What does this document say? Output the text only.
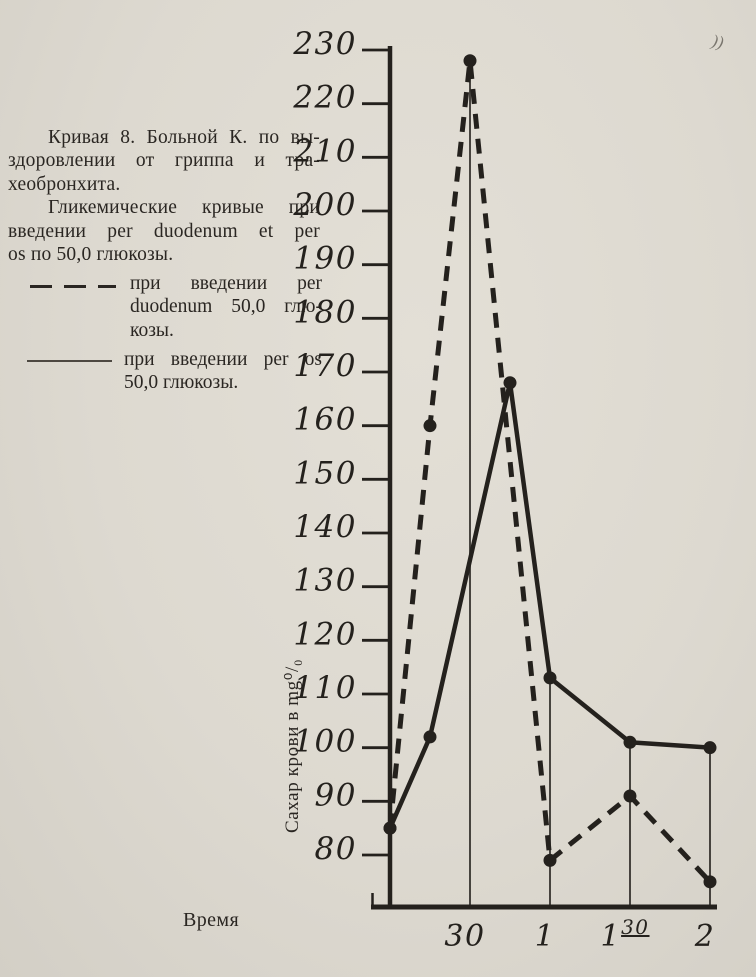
Кривая 8. Больной К. по вы-
здоровлении от гриппа и тра-
хеобронхита.
Гликемические кривые при
введении per duodenum et per
os по 50,0 глюкозы.
при введении per
duodenum 50,0 глю-
козы.
при введении per os
50,0 глюкозы.
230
220
210
200
190
180
170
160
150
140
130
120
110
100
90
80
30 1 $1^{30}$ 2
Сахар крови в mg⁰/₀
Время
))
